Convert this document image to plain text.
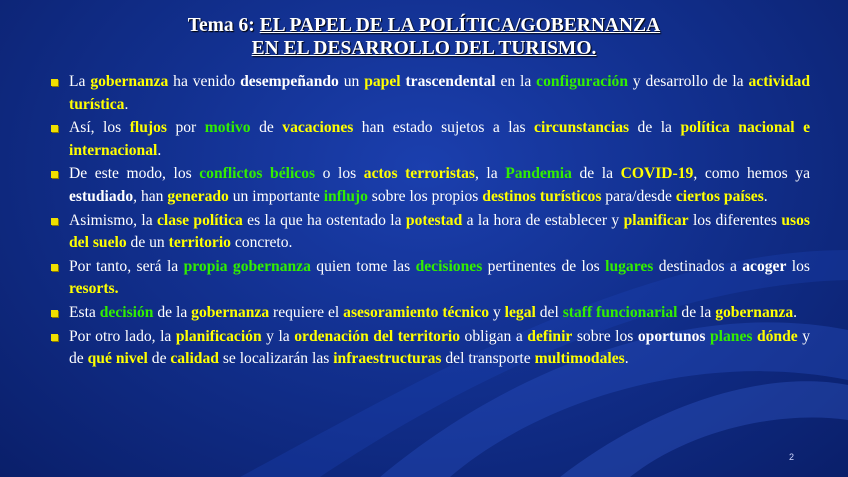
Tema 6: EL PAPEL DE LA POLÍTICA/GOBERNANZA
EN EL DESARROLLO DEL TURISMO.
La gobernanza ha venido desempeñando un papel trascendental en la configuración y desarrollo de la actividad turística.
Así, los flujos por motivo de vacaciones han estado sujetos a las circunstancias de la política nacional e internacional.
De este modo, los conflictos bélicos o los actos terroristas, la Pandemia de la COVID-19, como hemos ya estudiado, han generado un importante influjo sobre los propios destinos turísticos para/desde ciertos países.
Asimismo, la clase política es la que ha ostentado la potestad a la hora de establecer y planificar los diferentes usos del suelo de un territorio concreto.
Por tanto, será la propia gobernanza quien tome las decisiones pertinentes de los lugares destinados a acoger los resorts.
Esta decisión de la gobernanza requiere el asesoramiento técnico y legal del staff funcionarial de la gobernanza.
Por otro lado, la planificación y la ordenación del territorio obligan a definir sobre los oportunos planes dónde y de qué nivel de calidad se localizarán las infraestructuras del transporte multimodales.
2
